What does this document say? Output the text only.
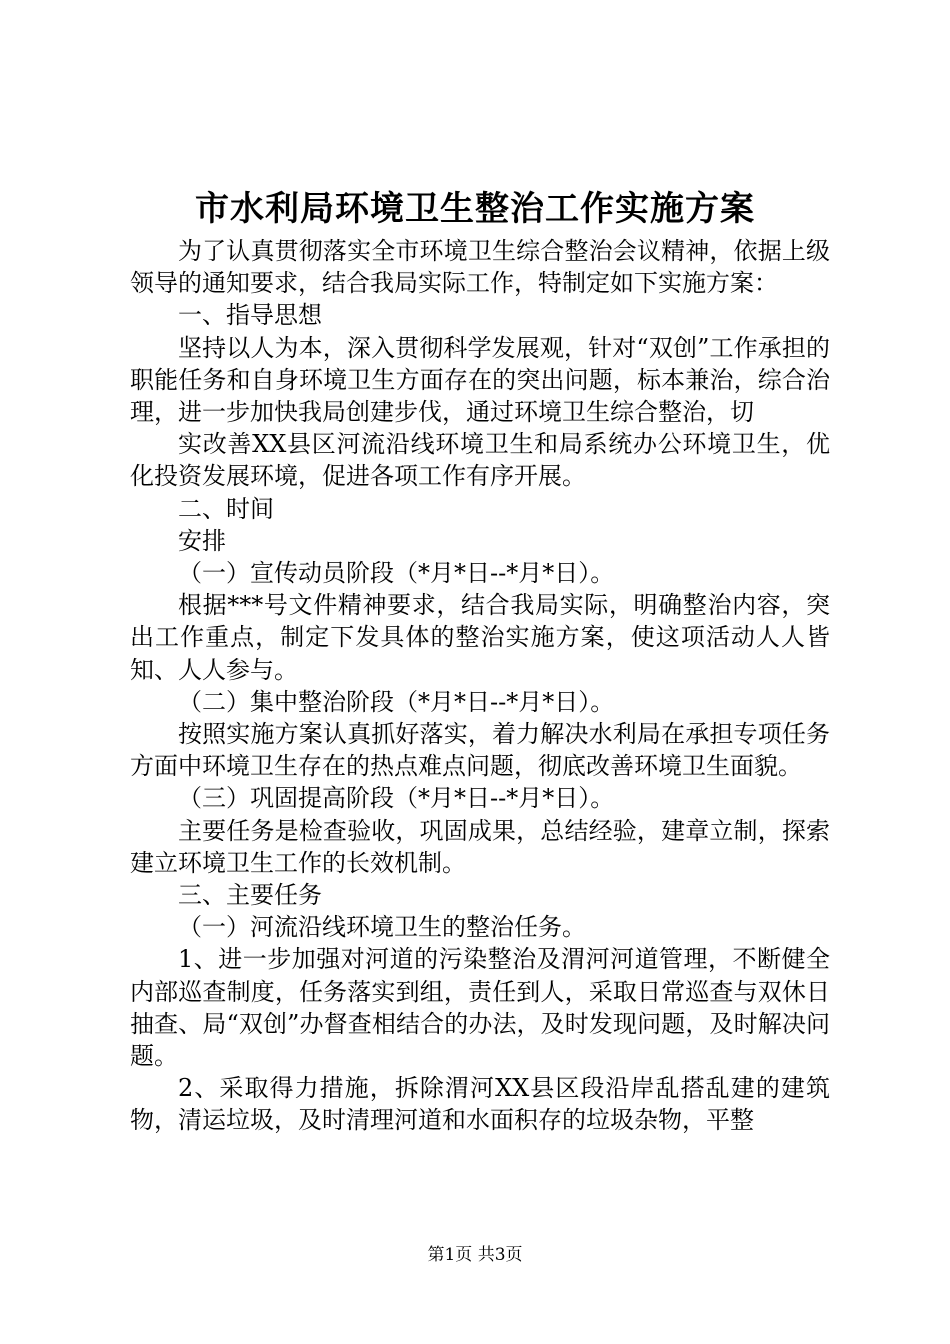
市水利局环境卫生整治工作实施方案

为了认真贯彻落实全市环境卫生综合整治会议精神，依据上级领导的通知要求，结合我局实际工作，特制定如下实施方案：

一、指导思想

坚持以人为本，深入贯彻科学发展观，针对“双创”工作承担的职能任务和自身环境卫生方面存在的突出问题，标本兼治，综合治理，进一步加快我局创建步伐，通过环境卫生综合整治，切

实改善XX县区河流沿线环境卫生和局系统办公环境卫生，优化投资发展环境，促进各项工作有序开展。

二、时间

安排

（一）宣传动员阶段（*月*日--*月*日）。

根据***号文件精神要求，结合我局实际，明确整治内容，突出工作重点，制定下发具体的整治实施方案，使这项活动人人皆知、人人参与。

（二）集中整治阶段（*月*日--*月*日）。

按照实施方案认真抓好落实，着力解决水利局在承担专项任务方面中环境卫生存在的热点难点问题，彻底改善环境卫生面貌。

（三）巩固提高阶段（*月*日--*月*日）。

主要任务是检查验收，巩固成果，总结经验，建章立制，探索建立环境卫生工作的长效机制。

三、主要任务

（一）河流沿线环境卫生的整治任务。

1、进一步加强对河道的污染整治及渭河河道管理，不断健全内部巡查制度，任务落实到组，责任到人，采取日常巡查与双休日抽查、局“双创”办督查相结合的办法，及时发现问题，及时解决问题。

2、采取得力措施，拆除渭河XX县区段沿岸乱搭乱建的建筑物，清运垃圾，及时清理河道和水面积存的垃圾杂物，平整

第1页 共3页
